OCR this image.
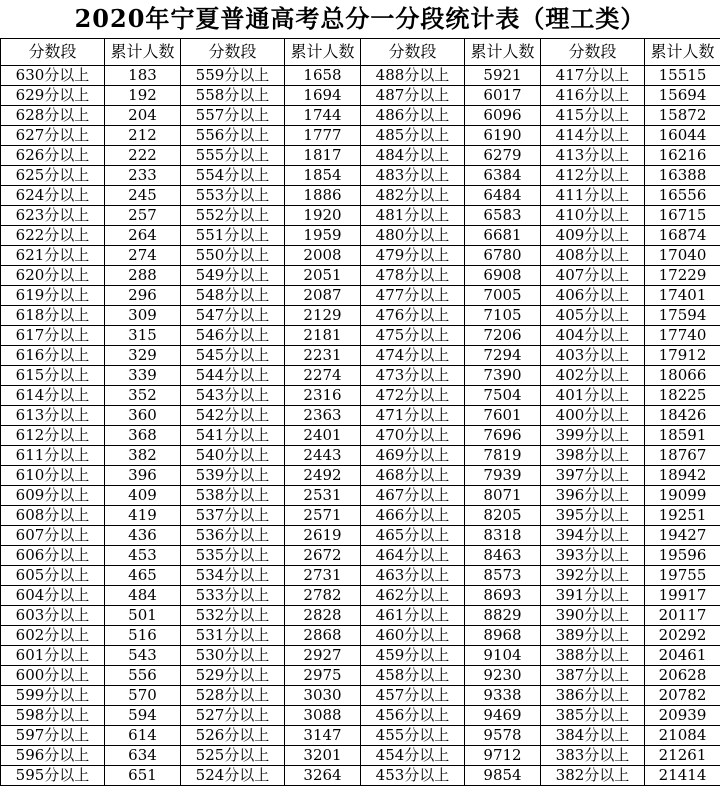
2020年宁夏普通高考总分一分段统计表（理工类）
分数段	累计人数	分数段	累计人数	分数段	累计人数	分数段	累计人数
630分以上	183	559分以上	1658	488分以上	5921	417分以上	15515
629分以上	192	558分以上	1694	487分以上	6017	416分以上	15694
628分以上	204	557分以上	1744	486分以上	6096	415分以上	15872
627分以上	212	556分以上	1777	485分以上	6190	414分以上	16044
626分以上	222	555分以上	1817	484分以上	6279	413分以上	16216
625分以上	233	554分以上	1854	483分以上	6384	412分以上	16388
624分以上	245	553分以上	1886	482分以上	6484	411分以上	16556
623分以上	257	552分以上	1920	481分以上	6583	410分以上	16715
622分以上	264	551分以上	1959	480分以上	6681	409分以上	16874
621分以上	274	550分以上	2008	479分以上	6780	408分以上	17040
620分以上	288	549分以上	2051	478分以上	6908	407分以上	17229
619分以上	296	548分以上	2087	477分以上	7005	406分以上	17401
618分以上	309	547分以上	2129	476分以上	7105	405分以上	17594
617分以上	315	546分以上	2181	475分以上	7206	404分以上	17740
616分以上	329	545分以上	2231	474分以上	7294	403分以上	17912
615分以上	339	544分以上	2274	473分以上	7390	402分以上	18066
614分以上	352	543分以上	2316	472分以上	7504	401分以上	18225
613分以上	360	542分以上	2363	471分以上	7601	400分以上	18426
612分以上	368	541分以上	2401	470分以上	7696	399分以上	18591
611分以上	382	540分以上	2443	469分以上	7819	398分以上	18767
610分以上	396	539分以上	2492	468分以上	7939	397分以上	18942
609分以上	409	538分以上	2531	467分以上	8071	396分以上	19099
608分以上	419	537分以上	2571	466分以上	8205	395分以上	19251
607分以上	436	536分以上	2619	465分以上	8318	394分以上	19427
606分以上	453	535分以上	2672	464分以上	8463	393分以上	19596
605分以上	465	534分以上	2731	463分以上	8573	392分以上	19755
604分以上	484	533分以上	2782	462分以上	8693	391分以上	19917
603分以上	501	532分以上	2828	461分以上	8829	390分以上	20117
602分以上	516	531分以上	2868	460分以上	8968	389分以上	20292
601分以上	543	530分以上	2927	459分以上	9104	388分以上	20461
600分以上	556	529分以上	2975	458分以上	9230	387分以上	20628
599分以上	570	528分以上	3030	457分以上	9338	386分以上	20782
598分以上	594	527分以上	3088	456分以上	9469	385分以上	20939
597分以上	614	526分以上	3147	455分以上	9578	384分以上	21084
596分以上	634	525分以上	3201	454分以上	9712	383分以上	21261
595分以上	651	524分以上	3264	453分以上	9854	382分以上	21414
